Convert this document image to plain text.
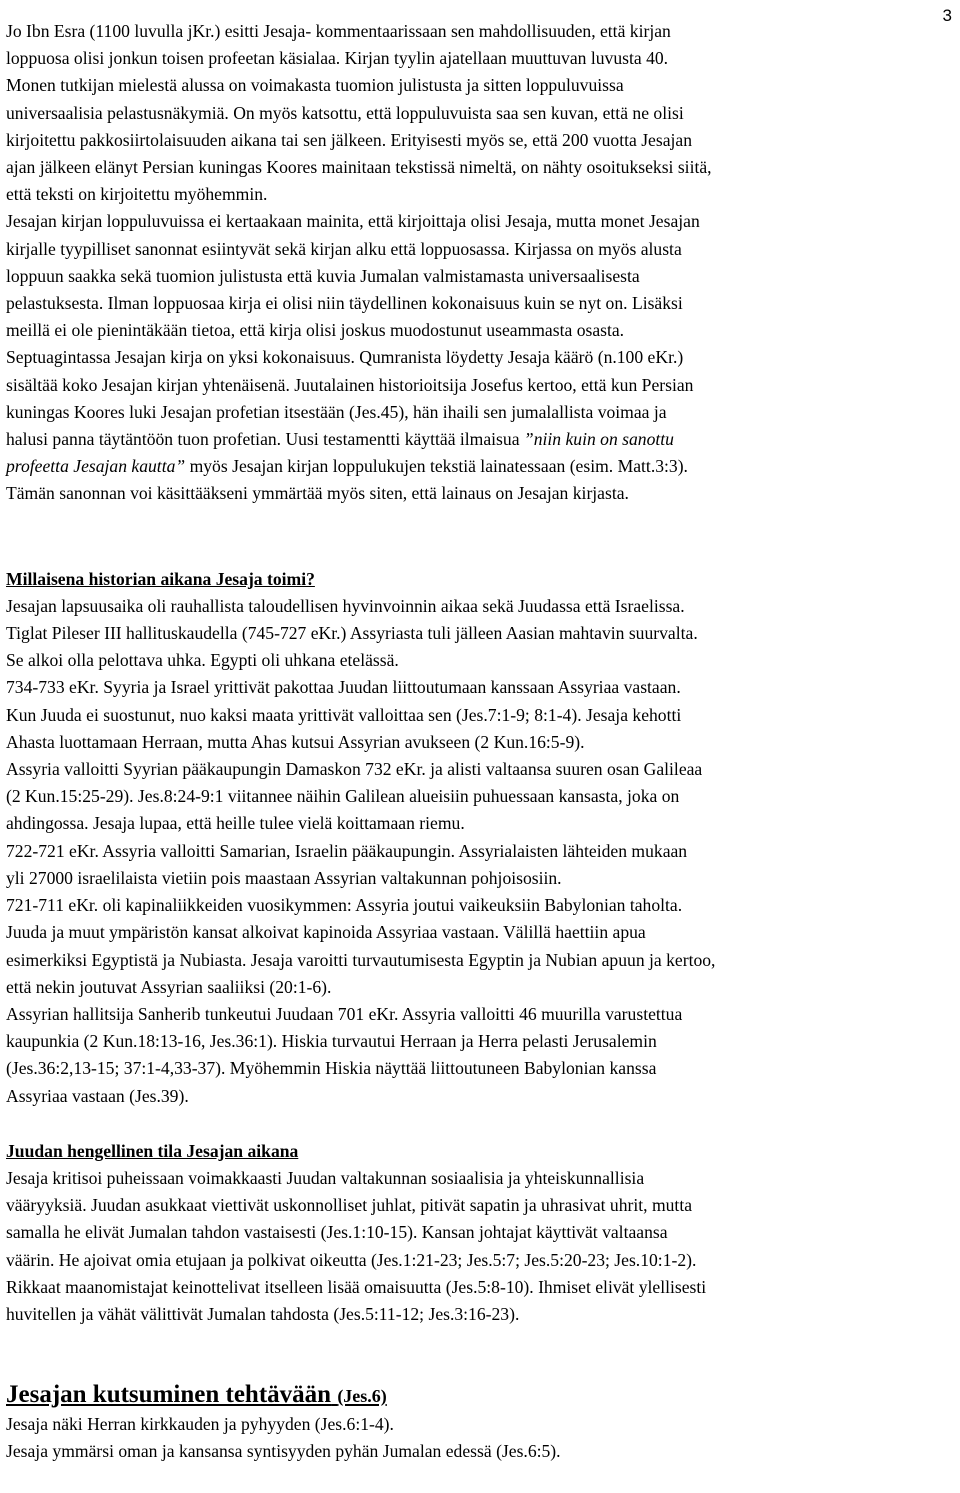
3
Jo Ibn Esra (1100 luvulla jKr.) esitti Jesaja- kommentaarissaan sen mahdollisuuden, että kirjan
loppuosa olisi jonkun toisen profeetan käsialaa. Kirjan tyylin ajatellaan muuttuvan luvusta 40.
Monen tutkijan mielestä alussa on voimakasta tuomion julistusta ja sitten loppuluvuissa
universaalisia pelastusnäkymiä. On myös katsottu, että loppuluvuista saa sen kuvan, että ne olisi
kirjoitettu pakkosiirtolaisuuden aikana tai sen jälkeen. Erityisesti myös se, että 200 vuotta Jesajan
ajan jälkeen elänyt Persian kuningas Koores mainitaan tekstissä nimeltä, on nähty osoitukseksi siitä,
että teksti on kirjoitettu myöhemmin.
Jesajan kirjan loppuluvuissa ei kertaakaan mainita, että kirjoittaja olisi Jesaja, mutta monet Jesajan
kirjalle tyypilliset sanonnat esiintyvät sekä kirjan alku että loppuosassa. Kirjassa on myös alusta
loppuun saakka sekä tuomion julistusta että kuvia Jumalan valmistamasta universaalisesta
pelastuksesta. Ilman loppuosaa kirja ei olisi niin täydellinen kokonaisuus kuin se nyt on. Lisäksi
meillä ei ole pienintäkään tietoa, että kirja olisi joskus muodostunut useammasta osasta.
Septuagintassa Jesajan kirja on yksi kokonaisuus. Qumranista löydetty Jesaja käärö (n.100 eKr.)
sisältää koko Jesajan kirjan yhtenäisenä. Juutalainen historioitsija Josefus kertoo, että kun Persian
kuningas Koores luki Jesajan profetian itsestään (Jes.45), hän ihaili sen jumalallista voimaa ja
halusi panna täytäntöön tuon profetian. Uusi testamentti käyttää ilmaisua ”niin kuin on sanottu
profeetta Jesajan kautta” myös Jesajan kirjan loppulukujen tekstiä lainatessaan (esim. Matt.3:3).
Tämän sanonnan voi käsittääkseni ymmärtää myös siten, että lainaus on Jesajan kirjasta.
Millaisena historian aikana Jesaja toimi?
Jesajan lapsuusaika oli rauhallista taloudellisen hyvinvoinnin aikaa sekä Juudassa että Israelissa.
Tiglat Pileser III hallituskaudella (745-727 eKr.) Assyriasta tuli jälleen Aasian mahtavin suurvalta.
Se alkoi olla pelottava uhka. Egypti oli uhkana etelässä.
734-733 eKr. Syyria ja Israel yrittivät pakottaa Juudan liittoutumaan kanssaan Assyriaa vastaan.
Kun Juuda ei suostunut, nuo kaksi maata yrittivät valloittaa sen (Jes.7:1-9; 8:1-4). Jesaja kehotti
Ahasta luottamaan Herraan, mutta Ahas kutsui Assyrian avukseen (2 Kun.16:5-9).
Assyria valloitti Syyrian pääkaupungin Damaskon 732 eKr. ja alisti valtaansa suuren osan Galileaa
(2 Kun.15:25-29). Jes.8:24-9:1 viitannee näihin Galilean alueisiin puhuessaan kansasta, joka on
ahdingossa. Jesaja lupaa, että heille tulee vielä koittamaan riemu.
722-721 eKr. Assyria valloitti Samarian, Israelin pääkaupungin. Assyrialaisten lähteiden mukaan
yli 27000 israelilaista vietiin pois maastaan Assyrian valtakunnan pohjoisosiin.
721-711 eKr. oli kapinaliikkeiden vuosikymmen: Assyria joutui vaikeuksiin Babylonian taholta.
Juuda ja muut ympäristön kansat alkoivat kapinoida Assyriaa vastaan. Välillä haettiin apua
esimerkiksi Egyptistä ja Nubiasta. Jesaja varoitti turvautumisesta Egyptin ja Nubian apuun ja kertoo,
että nekin joutuvat Assyrian saaliiksi (20:1-6).
Assyrian hallitsija Sanherib tunkeutui Juudaan 701 eKr. Assyria valloitti 46 muurilla varustettua
kaupunkia (2 Kun.18:13-16, Jes.36:1). Hiskia turvautui Herraan ja Herra pelasti Jerusalemin
(Jes.36:2,13-15; 37:1-4,33-37). Myöhemmin Hiskia näyttää liittoutuneen Babylonian kanssa
Assyriaa vastaan (Jes.39).
Juudan hengellinen tila Jesajan aikana
Jesaja kritisoi puheissaan voimakkaasti Juudan valtakunnan sosiaalisia ja yhteiskunnallisia
vääryyksiä. Juudan asukkaat viettivät uskonnolliset juhlat, pitivät sapatin ja uhrasivat uhrit, mutta
samalla he elivät Jumalan tahdon vastaisesti (Jes.1:10-15). Kansan johtajat käyttivät valtaansa
väärin. He ajoivat omia etujaan ja polkivat oikeutta (Jes.1:21-23; Jes.5:7; Jes.5:20-23; Jes.10:1-2).
Rikkaat maanomistajat keinottelivat itselleen lisää omaisuutta (Jes.5:8-10). Ihmiset elivät ylellisesti
huvitellen ja vähät välittivät Jumalan tahdosta (Jes.5:11-12; Jes.3:16-23).
Jesajan kutsuminen tehtävään (Jes.6)
Jesaja näki Herran kirkkauden ja pyhyyden (Jes.6:1-4).
Jesaja ymmärsi oman ja kansansa syntisyyden pyhän Jumalan edessä (Jes.6:5).
